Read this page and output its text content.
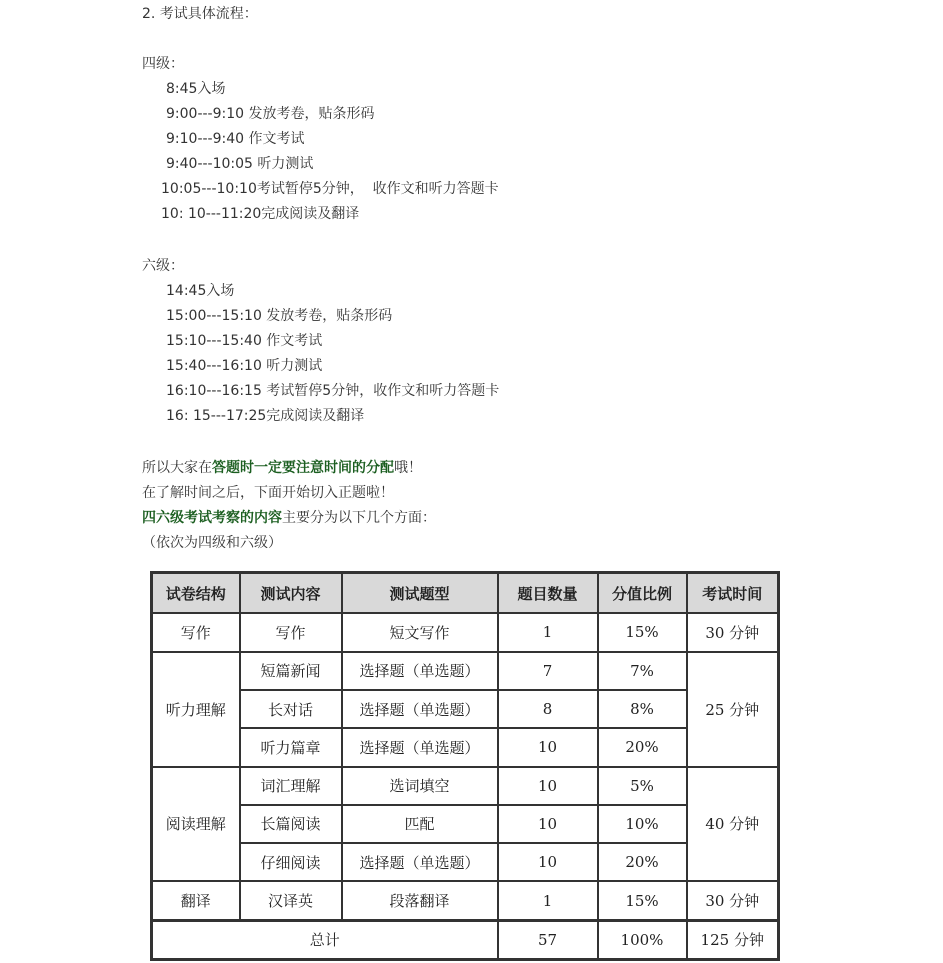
2. 考试具体流程：
四级：
8:45入场
9:00---9:10 发放考卷，贴条形码
9:10---9:40 作文考试
9:40---10:05 听力测试
10:05---10:10考试暂停5分钟，  收作文和听力答题卡
10: 10---11:20完成阅读及翻译
六级：
14:45入场
15:00---15:10 发放考卷，贴条形码
15:10---15:40 作文考试
15:40---16:10 听力测试
16:10---16:15 考试暂停5分钟，收作文和听力答题卡
16: 15---17:25完成阅读及翻译
所以大家在答题时一定要注意时间的分配哦！
在了解时间之后，下面开始切入正题啦！
四六级考试考察的内容主要分为以下几个方面：
（依次为四级和六级）
试卷结构	测试内容	测试题型	题目数量	分值比例	考试时间
写作	写作	短文写作	1	15%	30 分钟
听力理解	短篇新闻	选择题（单选题）	7	7%	25 分钟
	长对话	选择题（单选题）	8	8%	
	听力篇章	选择题（单选题）	10	20%	
阅读理解	词汇理解	选词填空	10	5%	40 分钟
	长篇阅读	匹配	10	10%	
	仔细阅读	选择题（单选题）	10	20%	
翻译	汉译英	段落翻译	1	15%	30 分钟
总计			57	100%	125 分钟
